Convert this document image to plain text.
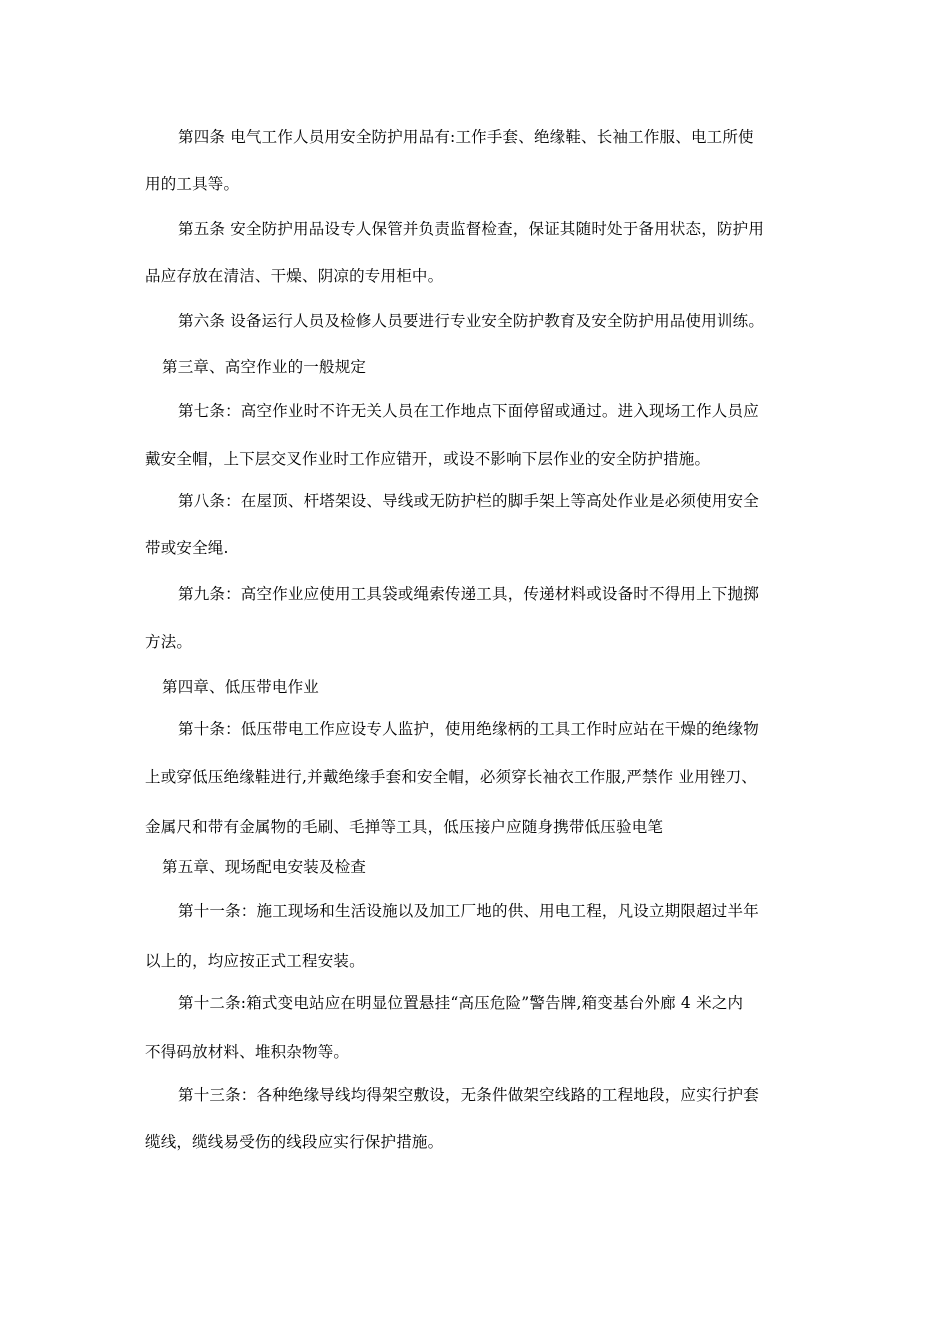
第四条 电气工作人员用安全防护用品有:工作手套、绝缘鞋、长袖工作服、电工所使
用的工具等。
第五条 安全防护用品设专人保管并负责监督检查，保证其随时处于备用状态，防护用
品应存放在清洁、干燥、阴凉的专用柜中。
第六条 设备运行人员及检修人员要进行专业安全防护教育及安全防护用品使用训练。
第三章、高空作业的一般规定
第七条：高空作业时不许无关人员在工作地点下面停留或通过。进入现场工作人员应
戴安全帽，上下层交叉作业时工作应错开，或设不影响下层作业的安全防护措施。
第八条：在屋顶、杆塔架设、导线或无防护栏的脚手架上等高处作业是必须使用安全
带或安全绳.
第九条：高空作业应使用工具袋或绳索传递工具，传递材料或设备时不得用上下抛掷
方法。
第四章、低压带电作业
第十条：低压带电工作应设专人监护，使用绝缘柄的工具工作时应站在干燥的绝缘物
上或穿低压绝缘鞋进行,并戴绝缘手套和安全帽，必须穿长袖衣工作服,严禁作 业用锉刀、
金属尺和带有金属物的毛刷、毛掸等工具，低压接户应随身携带低压验电笔
第五章、现场配电安装及检查
第十一条：施工现场和生活设施以及加工厂地的供、用电工程，凡设立期限超过半年
以上的，均应按正式工程安装。
第十二条:箱式变电站应在明显位置悬挂“高压危险”警告牌,箱变基台外廊 4 米之内
不得码放材料、堆积杂物等。
第十三条：各种绝缘导线均得架空敷设，无条件做架空线路的工程地段，应实行护套
缆线，缆线易受伤的线段应实行保护措施。
